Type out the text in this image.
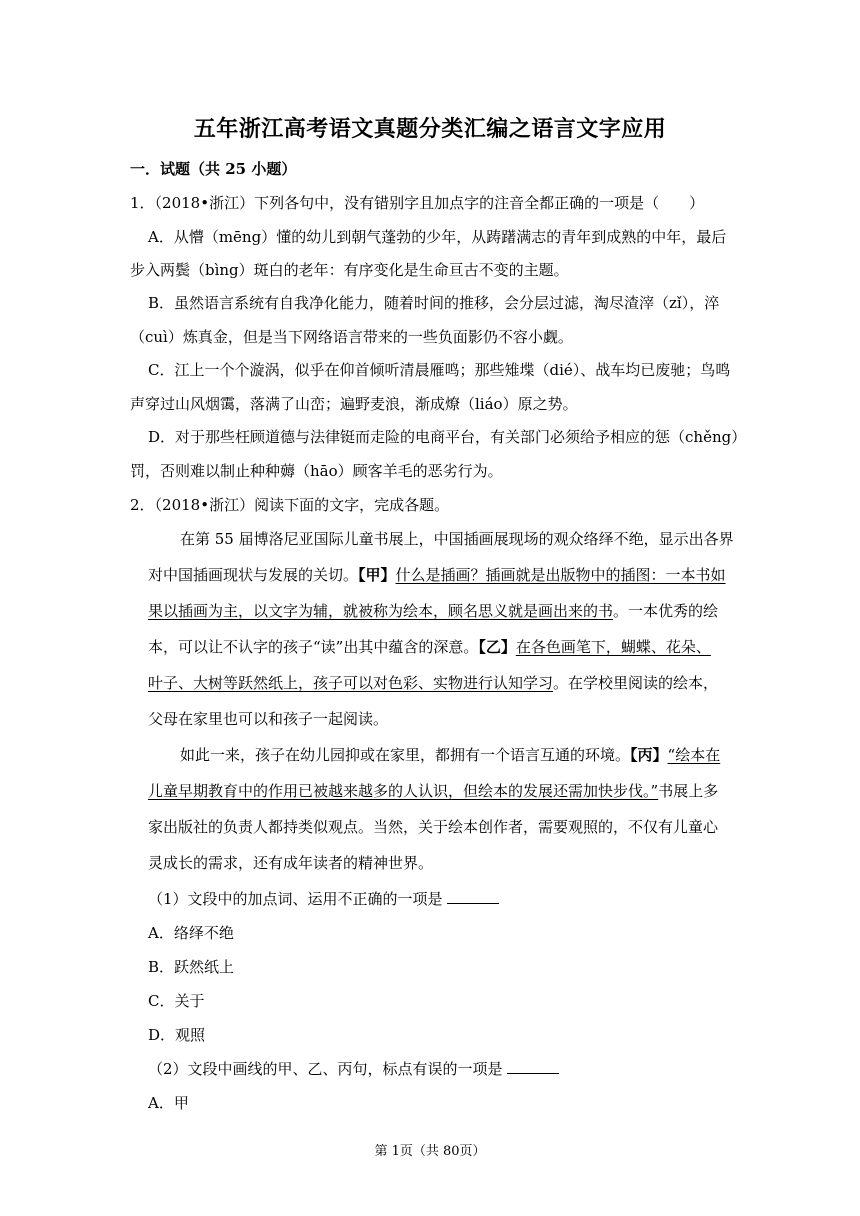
五年浙江高考语文真题分类汇编之语言文字应用
一．试题（共 25 小题）
1．（2018•浙江）下列各句中，没有错别字且加点字的注音全都正确的一项是（　　）
A．从懵（mēng）懂的幼儿到朝气蓬勃的少年，从踌躇满志的青年到成熟的中年，最后
步入两鬓（bìng）斑白的老年：有序变化是生命亘古不变的主题。
B．虽然语言系统有自我净化能力，随着时间的推移，会分层过滤，淘尽渣滓（zǐ），淬
（cuì）炼真金，但是当下网络语言带来的一些负面影仍不容小觑。
C．江上一个个漩涡，似乎在仰首倾听清晨雁鸣；那些雉堞（dié）、战车均已废驰；鸟鸣
声穿过山风烟霭，落满了山峦；遍野麦浪，渐成燎（liáo）原之势。
D．对于那些枉顾道德与法律铤而走险的电商平台，有关部门必须给予相应的惩（chěng）
罚，否则难以制止种种薅（hāo）顾客羊毛的恶劣行为。
2．（2018•浙江）阅读下面的文字，完成各题。
在第 55 届博洛尼亚国际儿童书展上，中国插画展现场的观众络绎不绝，显示出各界
对中国插画现状与发展的关切。【甲】什么是插画？插画就是出版物中的插图：一本书如
果以插画为主，以文字为辅，就被称为绘本，顾名思义就是画出来的书。一本优秀的绘
本，可以让不认字的孩子“读”出其中蕴含的深意。【乙】在各色画笔下，蝴蝶、花朵、
叶子、大树等跃然纸上，孩子可以对色彩、实物进行认知学习。在学校里阅读的绘本，
父母在家里也可以和孩子一起阅读。
如此一来，孩子在幼儿园抑或在家里，都拥有一个语言互通的环境。【丙】“绘本在
儿童早期教育中的作用已被越来越多的人认识，但绘本的发展还需加快步伐。”书展上多
家出版社的负责人都持类似观点。当然，关于绘本创作者，需要观照的，不仅有儿童心
灵成长的需求，还有成年读者的精神世界。
（1）文段中的加点词、运用不正确的一项是
A．络绎不绝
B．跃然纸上
C．关于
D．观照
（2）文段中画线的甲、乙、丙句，标点有误的一项是
A．甲
第 1页（共 80页）
